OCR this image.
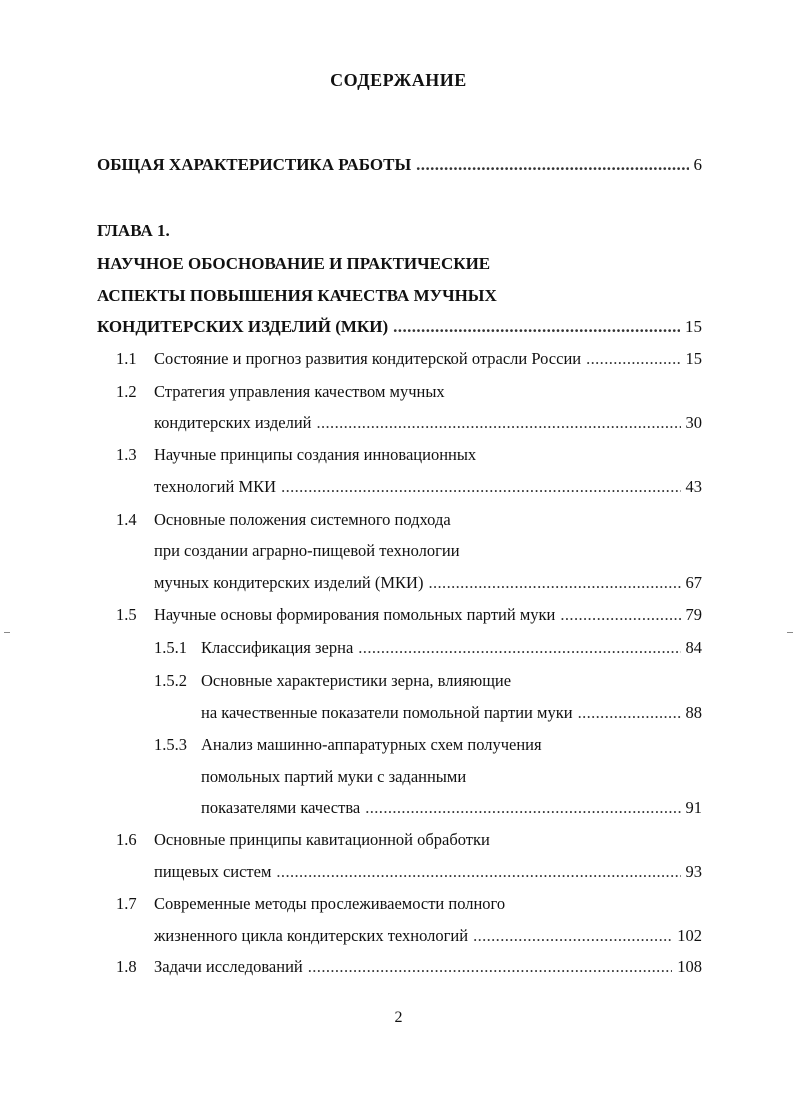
СОДЕРЖАНИЕ
ОБЩАЯ ХАРАКТЕРИСТИКА РАБОТЫ .....	6
ГЛАВА 1.
НАУЧНОЕ ОБОСНОВАНИЕ И ПРАКТИЧЕСКИЕ
АСПЕКТЫ ПОВЫШЕНИЯ КАЧЕСТВА МУЧНЫХ
КОНДИТЕРСКИХ ИЗДЕЛИЙ (МКИ) .....	15
1.1 Состояние и прогноз развития кондитерской отрасли России .....	15
1.2 Стратегия управления качеством мучных
кондитерских изделий .....	30
1.3 Научные принципы создания инновационных
технологий МКИ .....	43
1.4 Основные положения системного подхода
при создании аграрно-пищевой технологии
мучных кондитерских изделий (МКИ) .....	67
1.5 Научные основы формирования помольных партий муки .....	79
1.5.1 Классификация зерна .....	84
1.5.2 Основные характеристики зерна, влияющие
на качественные показатели помольной партии муки .....	88
1.5.3 Анализ машинно-аппаратурных схем получения
помольных партий муки с заданными
показателями качества .....	91
1.6 Основные принципы кавитационной обработки
пищевых систем .....	93
1.7 Современные методы прослеживаемости полного
жизненного цикла кондитерских технологий .....	102
1.8 Задачи исследований .....	108
2
